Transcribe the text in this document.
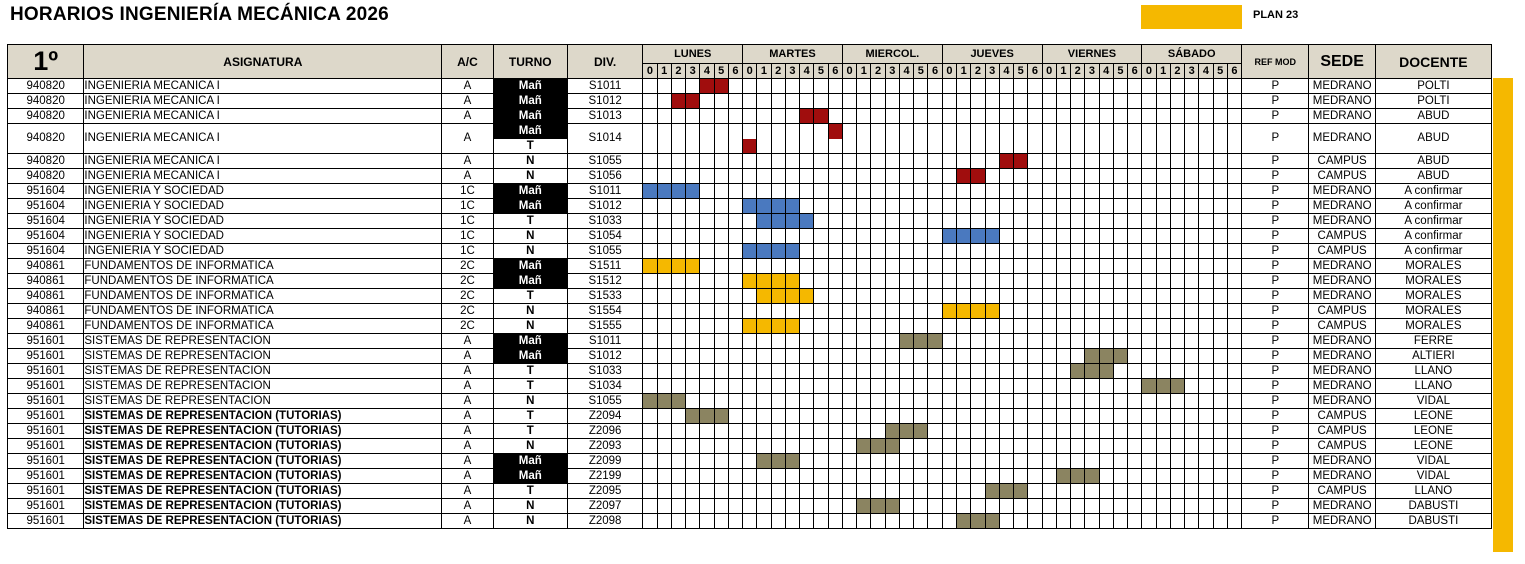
HORARIOS INGENIERÍA MECÁNICA 2026	PLAN 23
1º	ASIGNATURA	A/C	TURNO	DIV.	LUNES							MARTES							MIERCOL.							JUEVES							VIERNES							SÁBADO							REF MOD	SEDE	DOCENTE
					0	1	2	3	4	5	6	0	1	2	3	4	5	6	0	1	2	3	4	5	6	0	1	2	3	4	5	6	0	1	2	3	4	5	6	0	1	2	3	4	5	6			
940820	INGENIERIA MECANICA I	A	Mañ	S1011																																											P	MEDRANO	POLTI
940820	INGENIERIA MECANICA I	A	Mañ	S1012																																											P	MEDRANO	POLTI
940820	INGENIERIA MECANICA I	A	Mañ	S1013																																											P	MEDRANO	ABUD
940820	INGENIERIA MECANICA I	A	Mañ	S1014																																											P	MEDRANO	ABUD
			T																																														
940820	INGENIERIA MECANICA I	A	N	S1055																																											P	CAMPUS	ABUD
940820	INGENIERIA MECANICA I	A	N	S1056																																											P	CAMPUS	ABUD
951604	INGENIERIA Y SOCIEDAD	1C	Mañ	S1011																																											P	MEDRANO	A confirmar
951604	INGENIERIA Y SOCIEDAD	1C	Mañ	S1012																																											P	MEDRANO	A confirmar
951604	INGENIERIA Y SOCIEDAD	1C	T	S1033																																											P	MEDRANO	A confirmar
951604	INGENIERIA Y SOCIEDAD	1C	N	S1054																																											P	CAMPUS	A confirmar
951604	INGENIERIA Y SOCIEDAD	1C	N	S1055																																											P	CAMPUS	A confirmar
940861	FUNDAMENTOS DE INFORMATICA	2C	Mañ	S1511																																											P	MEDRANO	MORALES
940861	FUNDAMENTOS DE INFORMATICA	2C	Mañ	S1512																																											P	MEDRANO	MORALES
940861	FUNDAMENTOS DE INFORMATICA	2C	T	S1533																																											P	MEDRANO	MORALES
940861	FUNDAMENTOS DE INFORMATICA	2C	N	S1554																																											P	CAMPUS	MORALES
940861	FUNDAMENTOS DE INFORMATICA	2C	N	S1555																																											P	CAMPUS	MORALES
951601	SISTEMAS DE REPRESENTACION	A	Mañ	S1011																																											P	MEDRANO	FERRE
951601	SISTEMAS DE REPRESENTACION	A	Mañ	S1012																																											P	MEDRANO	ALTIERI
951601	SISTEMAS DE REPRESENTACION	A	T	S1033																																											P	MEDRANO	LLANO
951601	SISTEMAS DE REPRESENTACION	A	T	S1034																																											P	MEDRANO	LLANO
951601	SISTEMAS DE REPRESENTACION	A	N	S1055																																											P	MEDRANO	VIDAL
951601	SISTEMAS DE REPRESENTACION (TUTORIAS)	A	T	Z2094																																											P	CAMPUS	LEONE
951601	SISTEMAS DE REPRESENTACION (TUTORIAS)	A	T	Z2096																																											P	CAMPUS	LEONE
951601	SISTEMAS DE REPRESENTACION (TUTORIAS)	A	N	Z2093																																											P	CAMPUS	LEONE
951601	SISTEMAS DE REPRESENTACION (TUTORIAS)	A	Mañ	Z2099																																											P	MEDRANO	VIDAL
951601	SISTEMAS DE REPRESENTACION (TUTORIAS)	A	Mañ	Z2199																																											P	MEDRANO	VIDAL
951601	SISTEMAS DE REPRESENTACION (TUTORIAS)	A	T	Z2095																																											P	CAMPUS	LLANO
951601	SISTEMAS DE REPRESENTACION (TUTORIAS)	A	N	Z2097																																											P	MEDRANO	DABUSTI
951601	SISTEMAS DE REPRESENTACION (TUTORIAS)	A	N	Z2098																																											P	MEDRANO	DABUSTI
